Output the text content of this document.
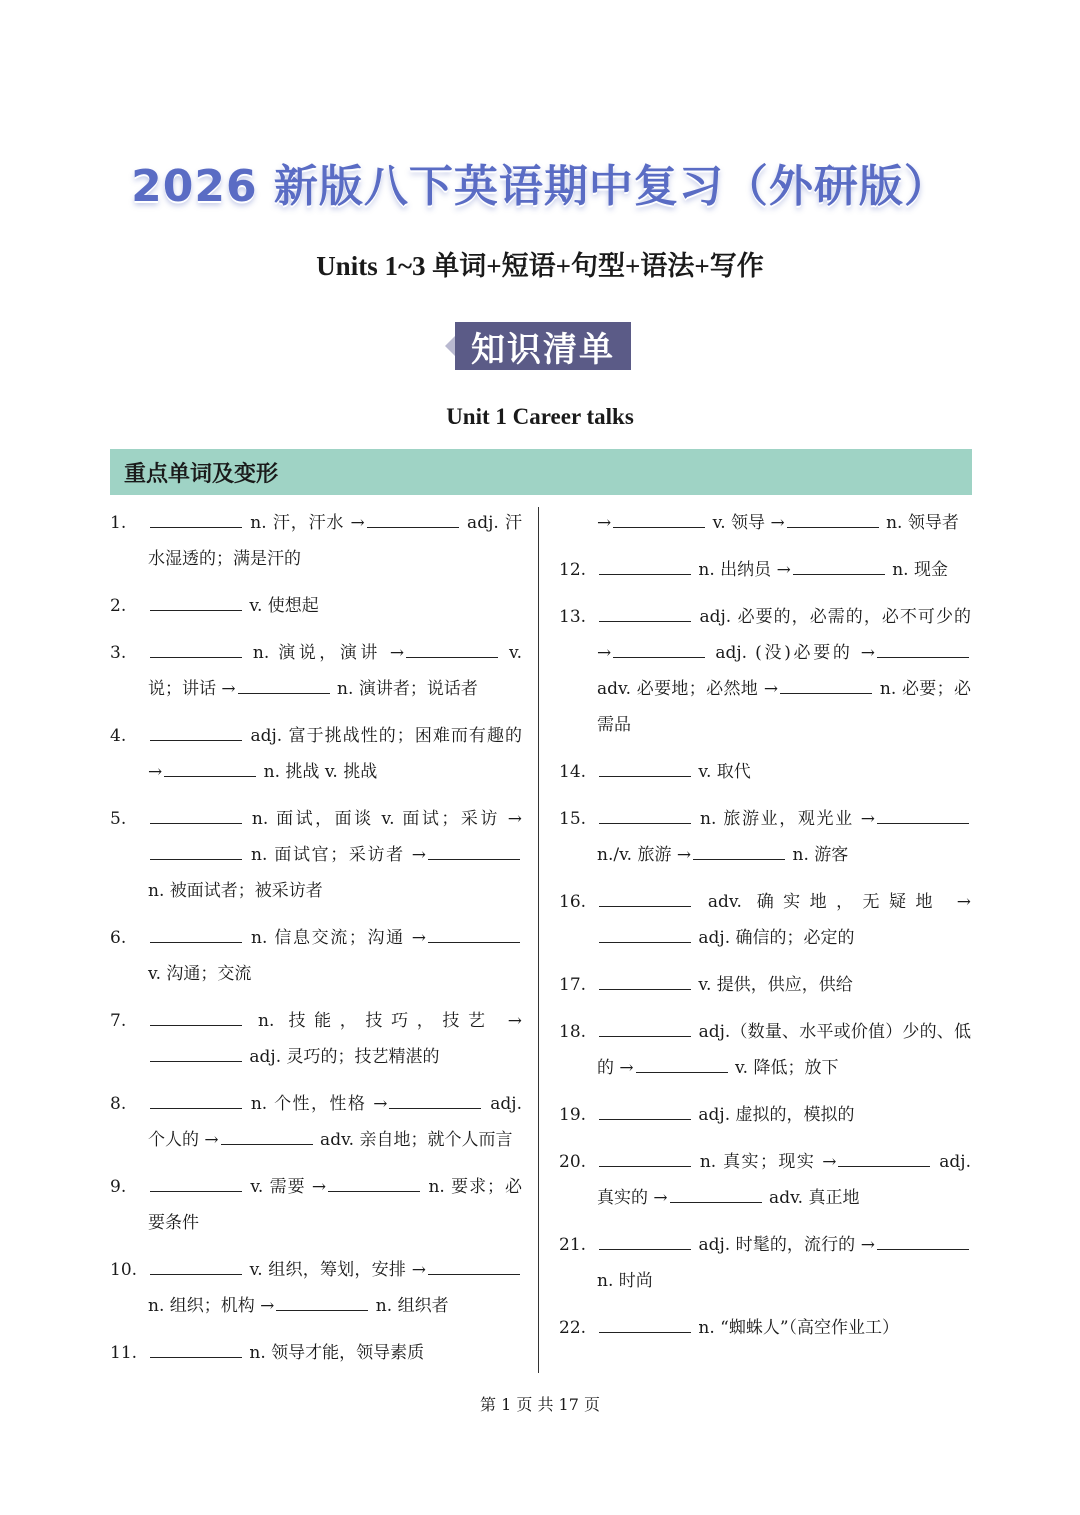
2026 新版八下英语期中复习（外研版）
Units 1~3 单词+短语+句型+语法+写作
知识清单
Unit 1 Career talks
重点单词及变形
1.	n. 汗，汗水 →	adj. 汗水湿透的；满是汗的
2.	v. 使想起
3.	n. 演说，演讲 →	v. 说；讲话 →	n. 演讲者；说话者
4.	adj. 富于挑战性的；困难而有趣的 →	n. 挑战 v. 挑战
5.	n. 面试，面谈 v. 面试；采访 → n. 面试官；采访者 → n. 被面试者；被采访者
6.	n. 信息交流；沟通 → v. 沟通；交流
7.	n. 技能，技巧，技艺 → adj. 灵巧的；技艺精湛的
8.	n. 个性，性格 →	adj. 个人的 →	adv. 亲自地；就个人而言
9.	v. 需要 →	n. 要求；必要条件
10.	v. 组织，筹划，安排 → n. 组织；机构 →	n. 组织者
11.	n. 领导才能，领导素质
→	v. 领导 →	n. 领导者
12.	n. 出纳员 →	n. 现金
13.	adj. 必要的，必需的，必不可少的 →	adj. (没)必要的 → adv. 必要地；必然地 →	n. 必要；必需品
14.	v. 取代
15.	n. 旅游业，观光业 → n./v. 旅游 →	n. 游客
16.	adv. 确实地，无疑地 → adj. 确信的；必定的
17.	v. 提供，供应，供给
18.	adj.（数量、水平或价值）少的、低的 →	v. 降低；放下
19.	adj. 虚拟的，模拟的
20.	n. 真实；现实 →	adj. 真实的 →	adv. 真正地
21.	adj. 时髦的，流行的 → n. 时尚
22.	n. “蜘蛛人”（高空作业工）
第 1 页 共 17 页
